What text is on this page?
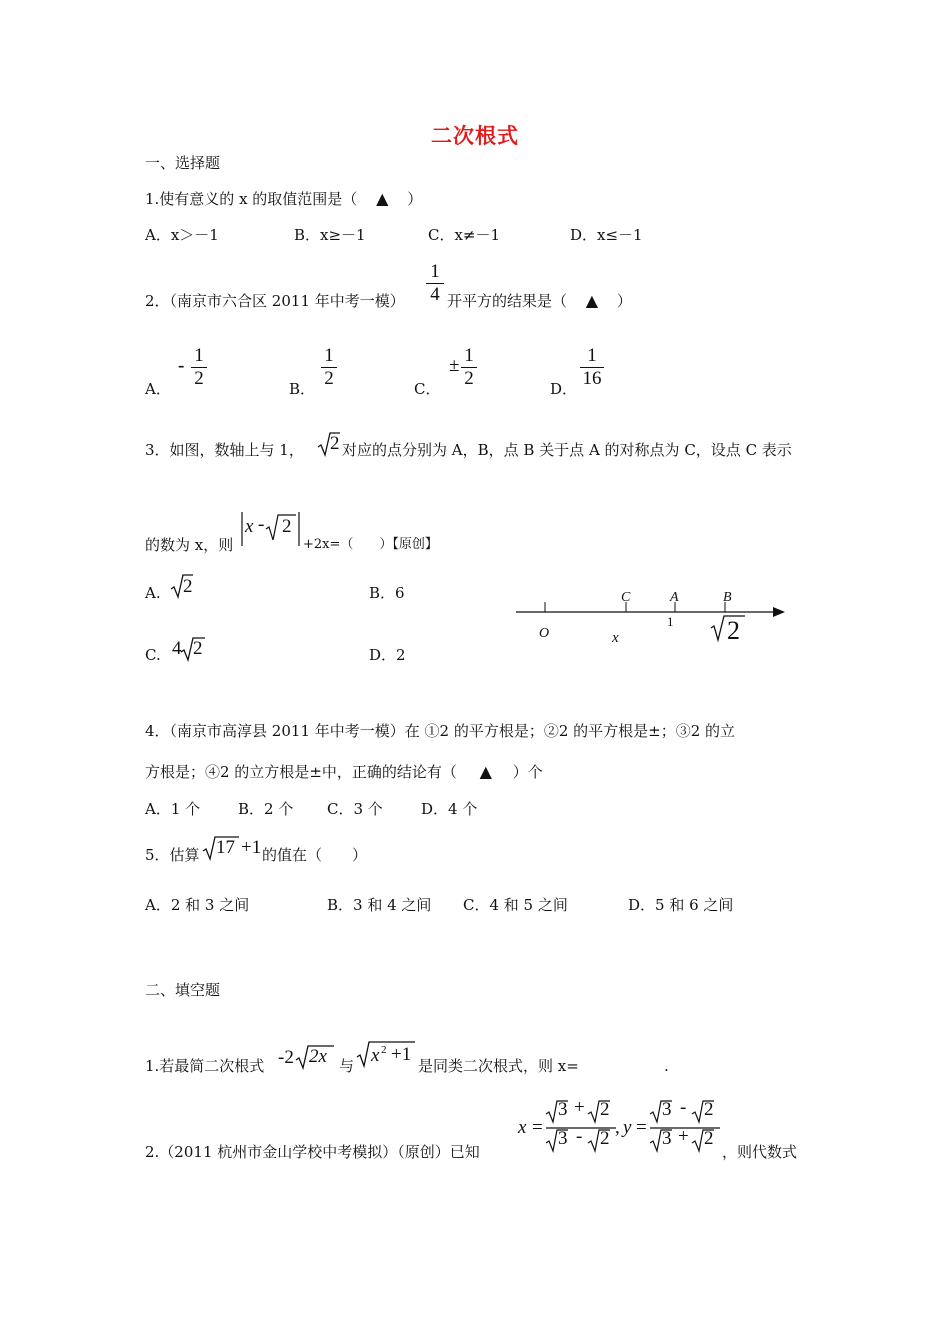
二次根式
一、选择题
1.使有意义的 x 的取值范围是（ ▲ ）
A．x＞－1	B．x≥－1	C．x≠－1	D．x≤－1
2．（南京市六合区 2011 年中考一模）
1
4 开平方的结果是（ ▲ ）
A．
- 1
2	B．
1
2	C．
± 1
2	D．
1
16
3．如图，数轴上与 1， 2 对应的点分别为 A，B，点 B 关于点 A 的对称点为 C，设点 C 表示
的数为 x，则
x - 2
+2x=（　　）【原创】
A. 2	B．6
C. 4 2	D．2
O	x
C	A
1
B
2
4．（南京市高淳县 2011 年中考一模）在 ①2 的平方根是；②2 的平方根是±；③2 的立
方根是；④2 的立方根是±中，正确的结论有（ ▲ ）个
A．1 个	B．2 个 C．3 个	D．4 个
5．估算 17 +1 的值在（　　）
A．2 和 3 之间	B．3 和 4 之间 C．4 和 5 之间	D．5 和 6 之间
二、填空题
1.若最简二次根式 -2 2x 与 x 2 +1
是同类二次根式，则 x=	.
2.（2011 杭州市金山学校中考模拟）（原创）已知
x =
3 + 2
3 - 2
, y =
3 - 2
3 + 2
，则代数式
